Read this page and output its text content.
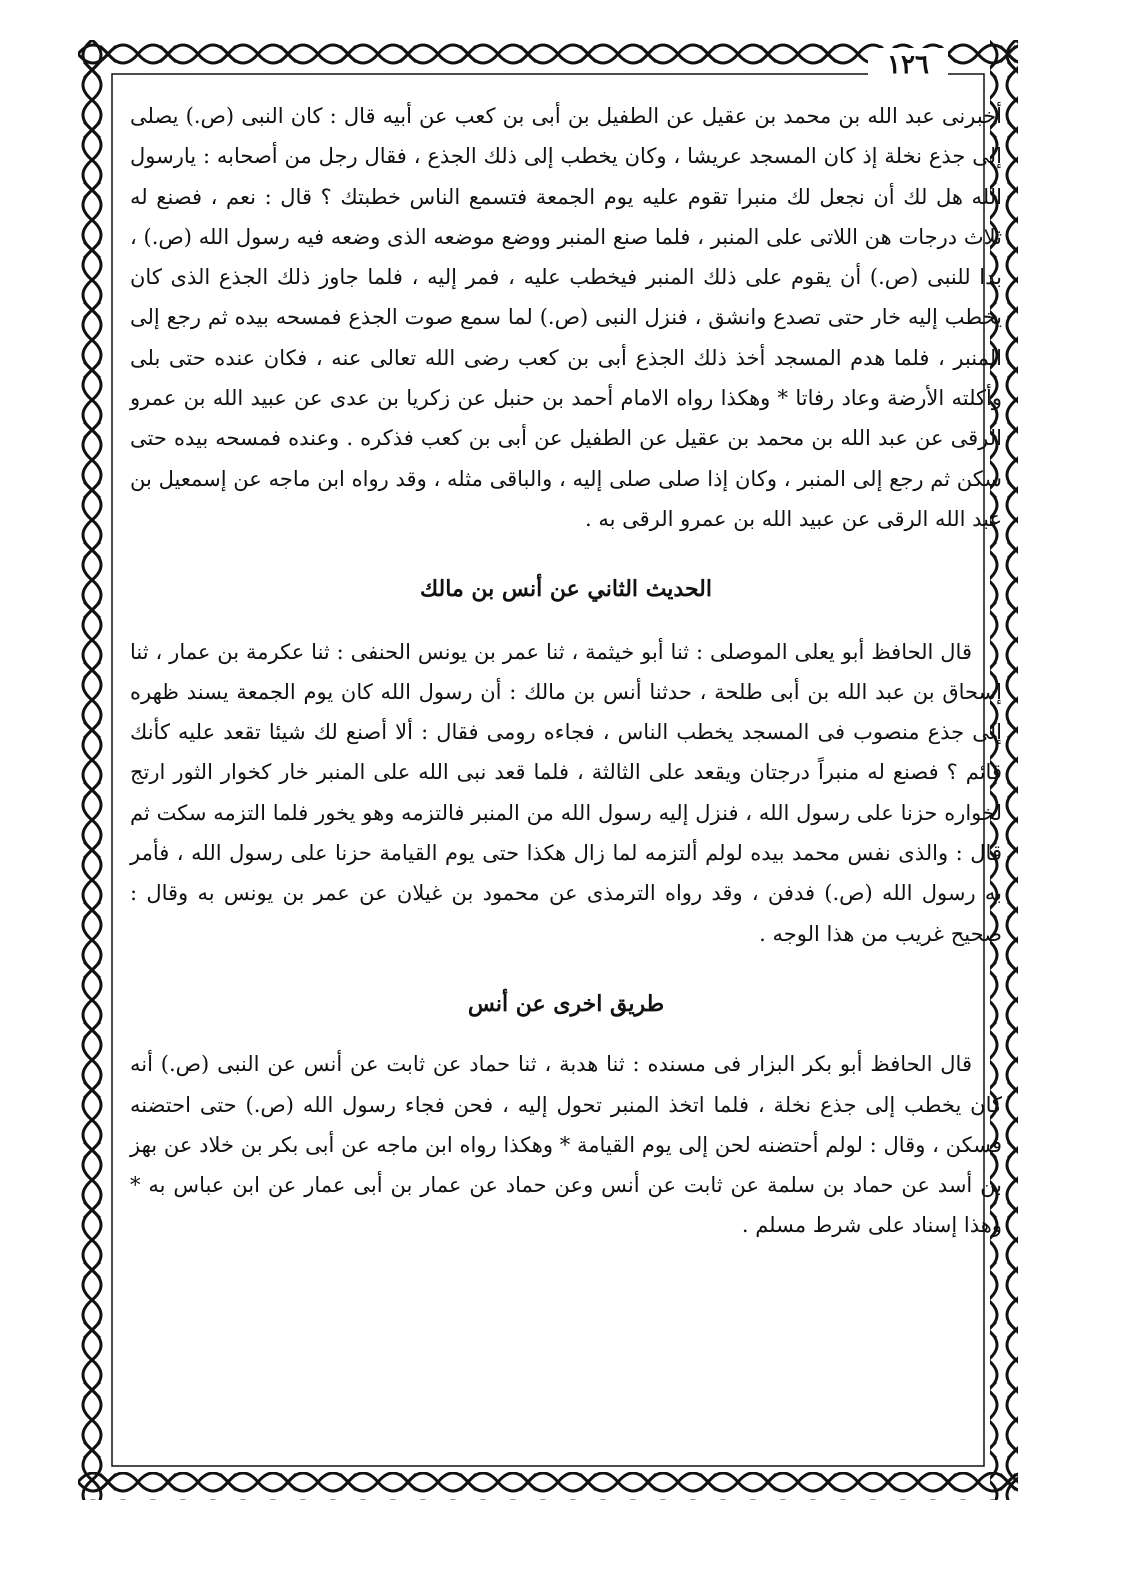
١٢٦

أخبرنى عبد الله بن محمد بن عقيل عن الطفيل بن أبى بن كعب عن أبيه قال : كان النبى (ص.) يصلى إلى جذع نخلة إذ كان المسجد عريشا ، وكان يخطب إلى ذلك الجذع ، فقال رجل من أصحابه : يارسول الله هل لك أن نجعل لك منبرا تقوم عليه يوم الجمعة فتسمع الناس خطبتك ؟ قال : نعم ، فصنع له ثلاث درجات هن اللاتى على المنبر ، فلما صنع المنبر ووضع موضعه الذى وضعه فيه رسول الله (ص.) ، بدا للنبى (ص.) أن يقوم على ذلك المنبر فيخطب عليه ، فمر إليه ، فلما جاوز ذلك الجذع الذى كان يخطب إليه خار حتى تصدع وانشق ، فنزل النبى (ص.) لما سمع صوت الجذع فمسحه بيده ثم رجع إلى المنبر ، فلما هدم المسجد أخذ ذلك الجذع أبى بن كعب رضى الله تعالى عنه ، فكان عنده حتى بلى وأكلته الأرضة وعاد رفاتا * وهكذا رواه الامام أحمد بن حنبل عن زكريا بن عدى عن عبيد الله بن عمرو الرقى عن عبد الله بن محمد بن عقيل عن الطفيل عن أبى بن كعب فذكره . وعنده فمسحه بيده حتى سكن ثم رجع إلى المنبر ، وكان إذا صلى صلى إليه ، والباقى مثله ، وقد رواه ابن ماجه عن إسمعيل بن عبد الله الرقى عن عبيد الله بن عمرو الرقى به .

الحديث الثاني عن أنس بن مالك

قال الحافظ أبو يعلى الموصلى : ثنا أبو خيثمة ، ثنا عمر بن يونس الحنفى : ثنا عكرمة بن عمار ، ثنا إسحاق بن عبد الله بن أبى طلحة ، حدثنا أنس بن مالك : أن رسول الله كان يوم الجمعة يسند ظهره إلى جذع منصوب فى المسجد يخطب الناس ، فجاءه رومى فقال : ألا أصنع لك شيئا تقعد عليه كأنك قائم ؟ فصنع له منبراً درجتان ويقعد على الثالثة ، فلما قعد نبى الله على المنبر خار كخوار الثور ارتج لخواره حزنا على رسول الله ، فنزل إليه رسول الله من المنبر فالتزمه وهو يخور فلما التزمه سكت ثم قال : والذى نفس محمد بيده لولم ألتزمه لما زال هكذا حتى يوم القيامة حزنا على رسول الله ، فأمر به رسول الله (ص.) فدفن ، وقد رواه الترمذى عن محمود بن غيلان عن عمر بن يونس به وقال : صحيح غريب من هذا الوجه .

طريق اخرى عن أنس

قال الحافظ أبو بكر البزار فى مسنده : ثنا هدبة ، ثنا حماد عن ثابت عن أنس عن النبى (ص.) أنه كان يخطب إلى جذع نخلة ، فلما اتخذ المنبر تحول إليه ، فحن فجاء رسول الله (ص.) حتى احتضنه فسكن ، وقال : لولم أحتضنه لحن إلى يوم القيامة * وهكذا رواه ابن ماجه عن أبى بكر بن خلاد عن بهز بن أسد عن حماد بن سلمة عن ثابت عن أنس وعن حماد عن عمار بن أبى عمار عن ابن عباس به * وهذا إسناد على شرط مسلم .
